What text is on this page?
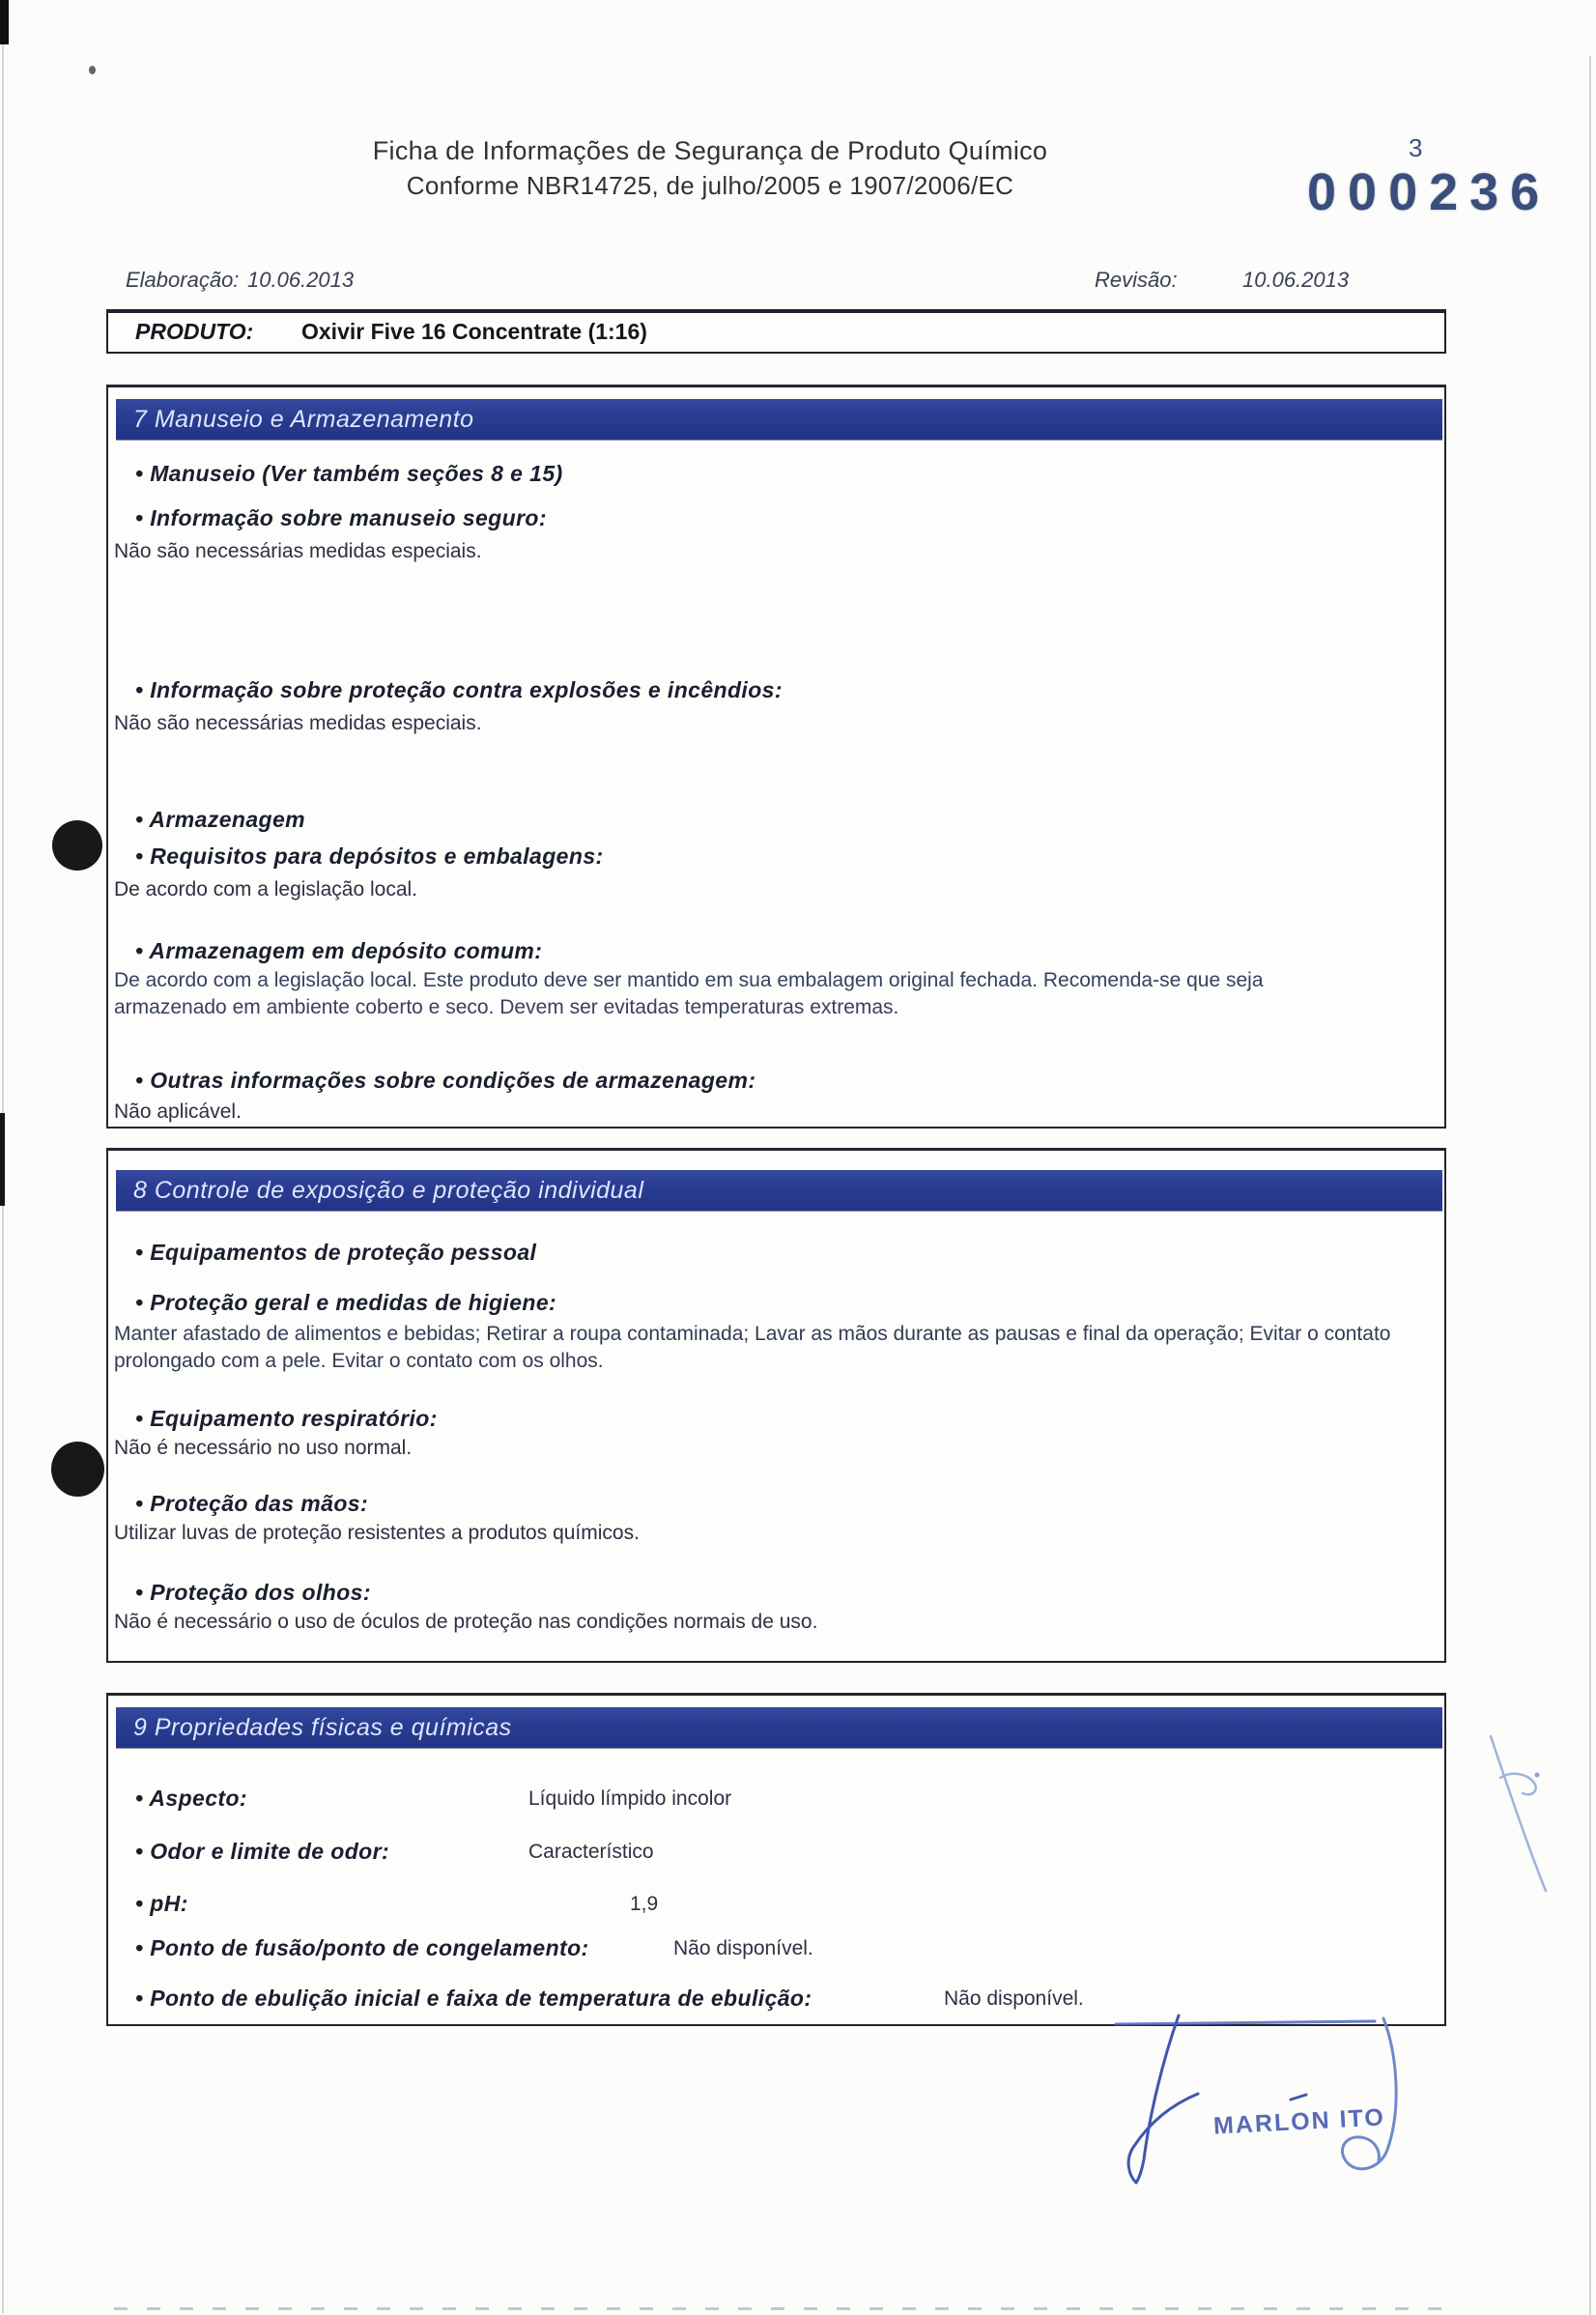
Ficha de Informações de Segurança de Produto Químico
Conforme NBR14725, de julho/2005 e 1907/2006/EC
3
000236
Elaboração: 10.06.2013	Revisão:	10.06.2013
PRODUTO: Oxivir Five 16 Concentrate (1:16)
7 Manuseio e Armazenamento
• Manuseio (Ver também seções 8 e 15)
• Informação sobre manuseio seguro:
Não são necessárias medidas especiais.
• Informação sobre proteção contra explosões e incêndios:
Não são necessárias medidas especiais.
• Armazenagem
• Requisitos para depósitos e embalagens:
De acordo com a legislação local.
• Armazenagem em depósito comum:
De acordo com a legislação local. Este produto deve ser mantido em sua embalagem original fechada. Recomenda-se que seja armazenado em ambiente coberto e seco. Devem ser evitadas temperaturas extremas.
• Outras informações sobre condições de armazenagem:
Não aplicável.
8 Controle de exposição e proteção individual
• Equipamentos de proteção pessoal
• Proteção geral e medidas de higiene:
Manter afastado de alimentos e bebidas; Retirar a roupa contaminada; Lavar as mãos durante as pausas e final da operação; Evitar o contato prolongado com a pele. Evitar o contato com os olhos.
• Equipamento respiratório:
Não é necessário no uso normal.
• Proteção das mãos:
Utilizar luvas de proteção resistentes a produtos químicos.
• Proteção dos olhos:
Não é necessário o uso de óculos de proteção nas condições normais de uso.
9 Propriedades físicas e químicas
• Aspecto:	Líquido límpido incolor
• Odor e limite de odor:	Característico
• pH:	1,9
• Ponto de fusão/ponto de congelamento:	Não disponível.
• Ponto de ebulição inicial e faixa de temperatura de ebulição:	Não disponível.
MARLON ITO
